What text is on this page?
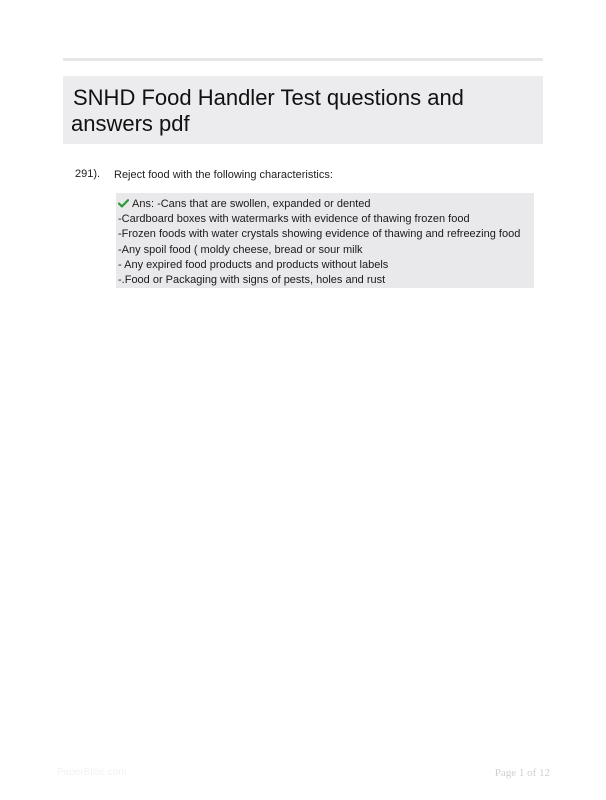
SNHD Food Handler Test questions and answers pdf
291). Reject food with the following characteristics:
Ans: -Cans that are swollen, expanded or dented
-Cardboard boxes with watermarks with evidence of thawing frozen food
-Frozen foods with water crystals showing evidence of thawing and refreezing food
-Any spoil food ( moldy cheese, bread or sour milk
- Any expired food products and products without labels
-.Food or Packaging with signs of pests, holes and rust
PaperBlitic.com	Page 1 of 12
